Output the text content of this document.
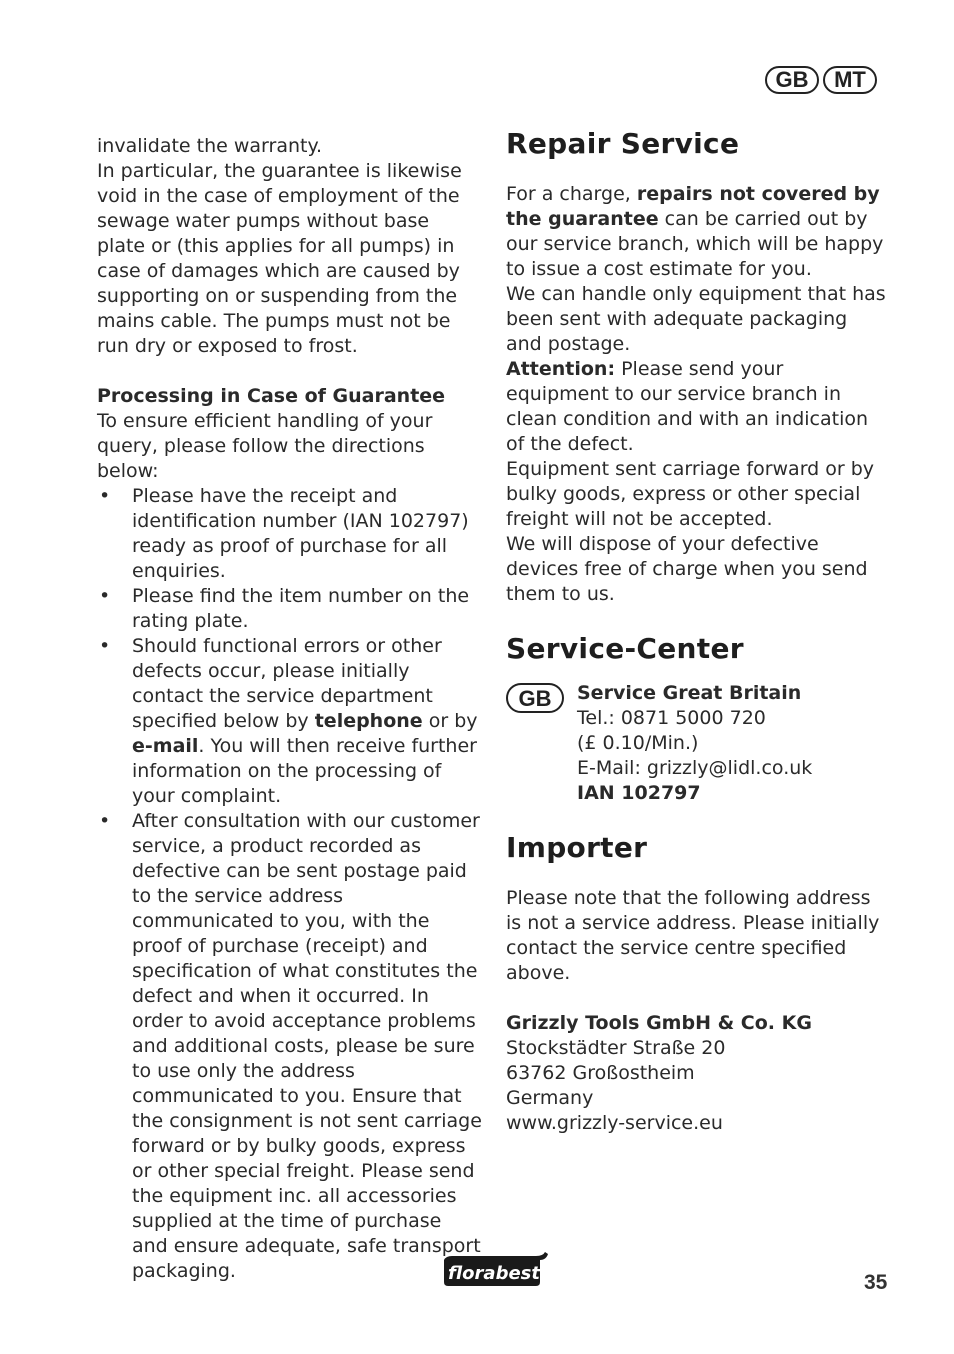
GB	MT

invalidate the warranty.

In particular, the guarantee is likewise void in the case of employment of the sewage water pumps without base plate or (this applies for all pumps) in case of damages which are caused by supporting on or suspending from the mains cable. The pumps must not be run dry or exposed to frost.

Processing in Case of Guarantee

To ensure efficient handling of your query, please follow the directions below:

• Please have the receipt and identification number (IAN 102797) ready as proof of purchase for all enquiries.
• Please find the item number on the rating plate.
• Should functional errors or other defects occur, please initially contact the service department specified below by telephone or by e-mail. You will then receive further information on the processing of your complaint.
• After consultation with our customer service, a product recorded as defective can be sent postage paid to the service address communicated to you, with the proof of purchase (receipt) and specification of what constitutes the defect and when it occurred. In order to avoid acceptance problems and additional costs, please be sure to use only the address communicated to you. Ensure that the consignment is not sent carriage forward or by bulky goods, express or other special freight. Please send the equipment inc. all accessories supplied at the time of purchase and ensure adequate, safe transport packaging.
Repair Service

For a charge, repairs not covered by the guarantee can be carried out by our service branch, which will be happy to issue a cost estimate for you.

We can handle only equipment that has been sent with adequate packaging and postage.

Attention: Please send your equipment to our service branch in clean condition and with an indication of the defect.

Equipment sent carriage forward or by bulky goods, express or other special freight will not be accepted.

We will dispose of your defective devices free of charge when you send them to us.

Service-Center
GB	Service Great Britain

Tel.: 0871 5000 720

(£ 0.10/Min.)

E-Mail: grizzly@lidl.co.uk

IAN 102797

Importer

Please note that the following address is not a service address. Please initially contact the service centre specified above.

Grizzly Tools GmbH & Co. KG

Stockstädter Straße 20

63762 Großostheim

Germany

www.grizzly-service.eu

florabest	35
